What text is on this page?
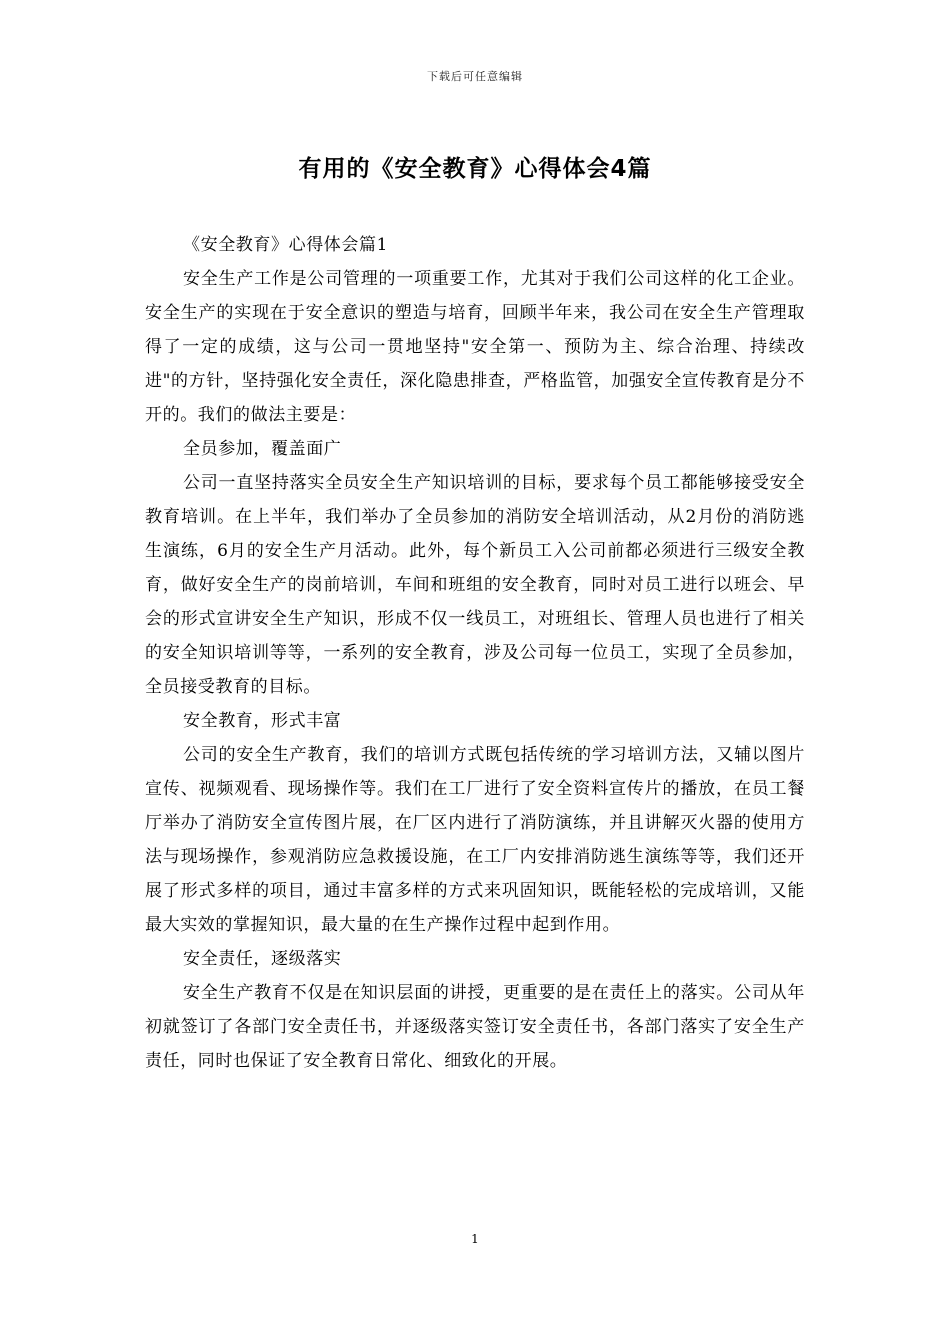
下载后可任意编辑
有用的《安全教育》心得体会4篇

《安全教育》心得体会篇1

安全生产工作是公司管理的一项重要工作，尤其对于我们公司这样的化工企业。安全生产的实现在于安全意识的塑造与培育，回顾半年来，我公司在安全生产管理取得了一定的成绩，这与公司一贯地坚持"安全第一、预防为主、综合治理、持续改进"的方针，坚持强化安全责任，深化隐患排查，严格监管，加强安全宣传教育是分不开的。我们的做法主要是：

全员参加，覆盖面广

公司一直坚持落实全员安全生产知识培训的目标，要求每个员工都能够接受安全教育培训。在上半年，我们举办了全员参加的消防安全培训活动，从2月份的消防逃生演练，6月的安全生产月活动。此外，每个新员工入公司前都必须进行三级安全教育，做好安全生产的岗前培训，车间和班组的安全教育，同时对员工进行以班会、早会的形式宣讲安全生产知识，形成不仅一线员工，对班组长、管理人员也进行了相关的安全知识培训等等，一系列的安全教育，涉及公司每一位员工，实现了全员参加，全员接受教育的目标。

安全教育，形式丰富

公司的安全生产教育，我们的培训方式既包括传统的学习培训方法，又辅以图片宣传、视频观看、现场操作等。我们在工厂进行了安全资料宣传片的播放，在员工餐厅举办了消防安全宣传图片展，在厂区内进行了消防演练，并且讲解灭火器的使用方法与现场操作，参观消防应急救援设施，在工厂内安排消防逃生演练等等，我们还开展了形式多样的项目，通过丰富多样的方式来巩固知识，既能轻松的完成培训，又能最大实效的掌握知识，最大量的在生产操作过程中起到作用。

安全责任，逐级落实

安全生产教育不仅是在知识层面的讲授，更重要的是在责任上的落实。公司从年初就签订了各部门安全责任书，并逐级落实签订安全责任书，各部门落实了安全生产责任，同时也保证了安全教育日常化、细致化的开展。

1
